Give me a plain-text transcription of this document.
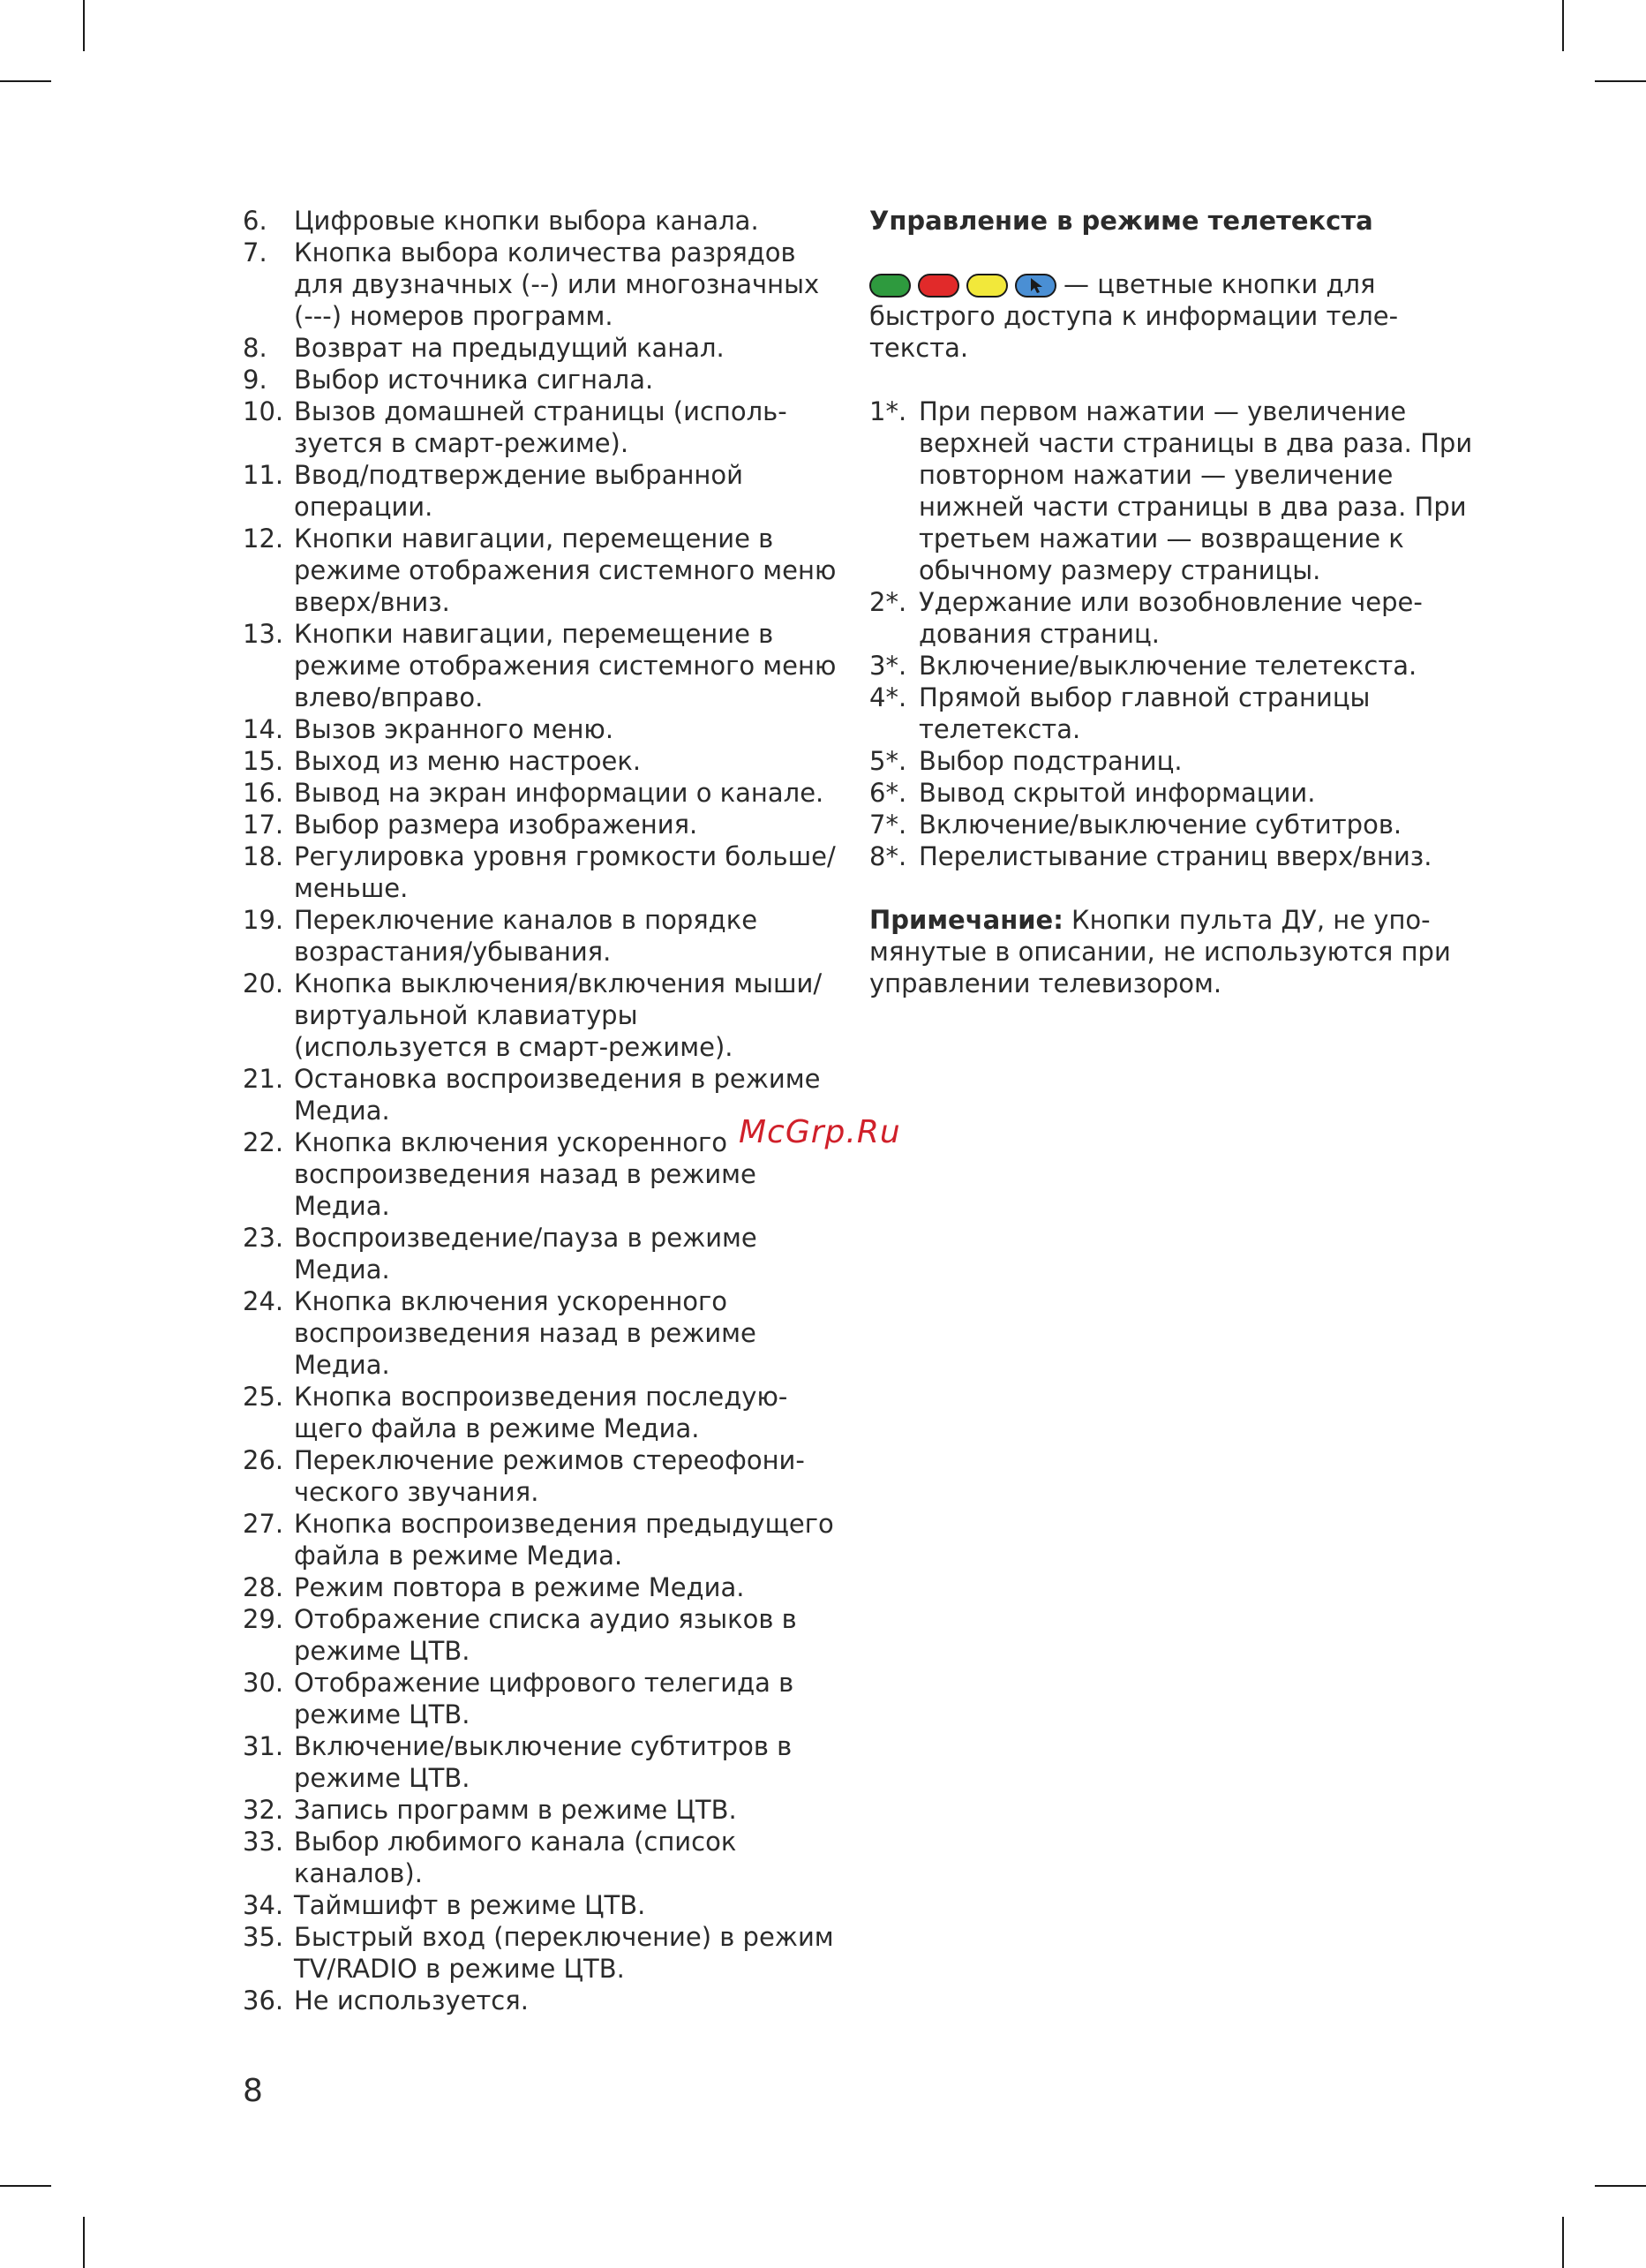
6.	Цифровые кнопки выбора канала.
7.	Кнопка выбора количества разрядов для двузначных (--) или многозначных (---) номеров программ.
8.	Возврат на предыдущий канал.
9.	Выбор источника сигнала.
10. Вызов домашней страницы (используется в смарт-режиме).
11. Ввод/подтверждение выбранной операции.
12. Кнопки навигации, перемещение в режиме отображения системного меню вверх/вниз.
13. Кнопки навигации, перемещение в режиме отображения системного меню влево/вправо.
14. Вызов экранного меню.
15. Выход из меню настроек.
16. Вывод на экран информации о канале.
17. Выбор размера изображения.
18. Регулировка уровня громкости больше/меньше.
19. Переключение каналов в порядке возрастания/убывания.
20. Кнопка выключения/включения мыши/виртуальной клавиатуры (используется в смарт-режиме).
21. Остановка воспроизведения в режиме Медиа.
22. Кнопка включения ускоренного воспроизведения назад в режиме Медиа.
23. Воспроизведение/пауза в режиме Медиа.
24. Кнопка включения ускоренного воспроизведения назад в режиме Медиа.
25. Кнопка воспроизведения последующего файла в режиме Медиа.
26. Переключение режимов стереофонического звучания.
27. Кнопка воспроизведения предыдущего файла в режиме Медиа.
28. Режим повтора в режиме Медиа.
29. Отображение списка аудио языков в режиме ЦТВ.
30. Отображение цифрового телегида в режиме ЦТВ.
31. Включение/выключение субтитров в режиме ЦТВ.
32. Запись программ в режиме ЦТВ.
33. Выбор любимого канала (список каналов).
34. Таймшифт в режиме ЦТВ.
35. Быстрый вход (переключение) в режим TV/RADIO в режиме ЦТВ.
36. Не используется.
Управление в режиме телетекста
— цветные кнопки для быстрого доступа к информации телетекста.
1*. При первом нажатии — увеличение верхней части страницы в два раза. При повторном нажатии — увеличение нижней части страницы в два раза. При третьем нажатии — возвращение к обычному размеру страницы.
2*. Удержание или возобновление чередования страниц.
3*. Включение/выключение телетекста.
4*. Прямой выбор главной страницы телетекста.
5*. Выбор подстраниц.
6*. Вывод скрытой информации.
7*. Включение/выключение субтитров.
8*. Перелистывание страниц вверх/вниз.
Примечание: Кнопки пульта ДУ, не упомянутые в описании, не используются при управлении телевизором.
McGrp.Ru
8
